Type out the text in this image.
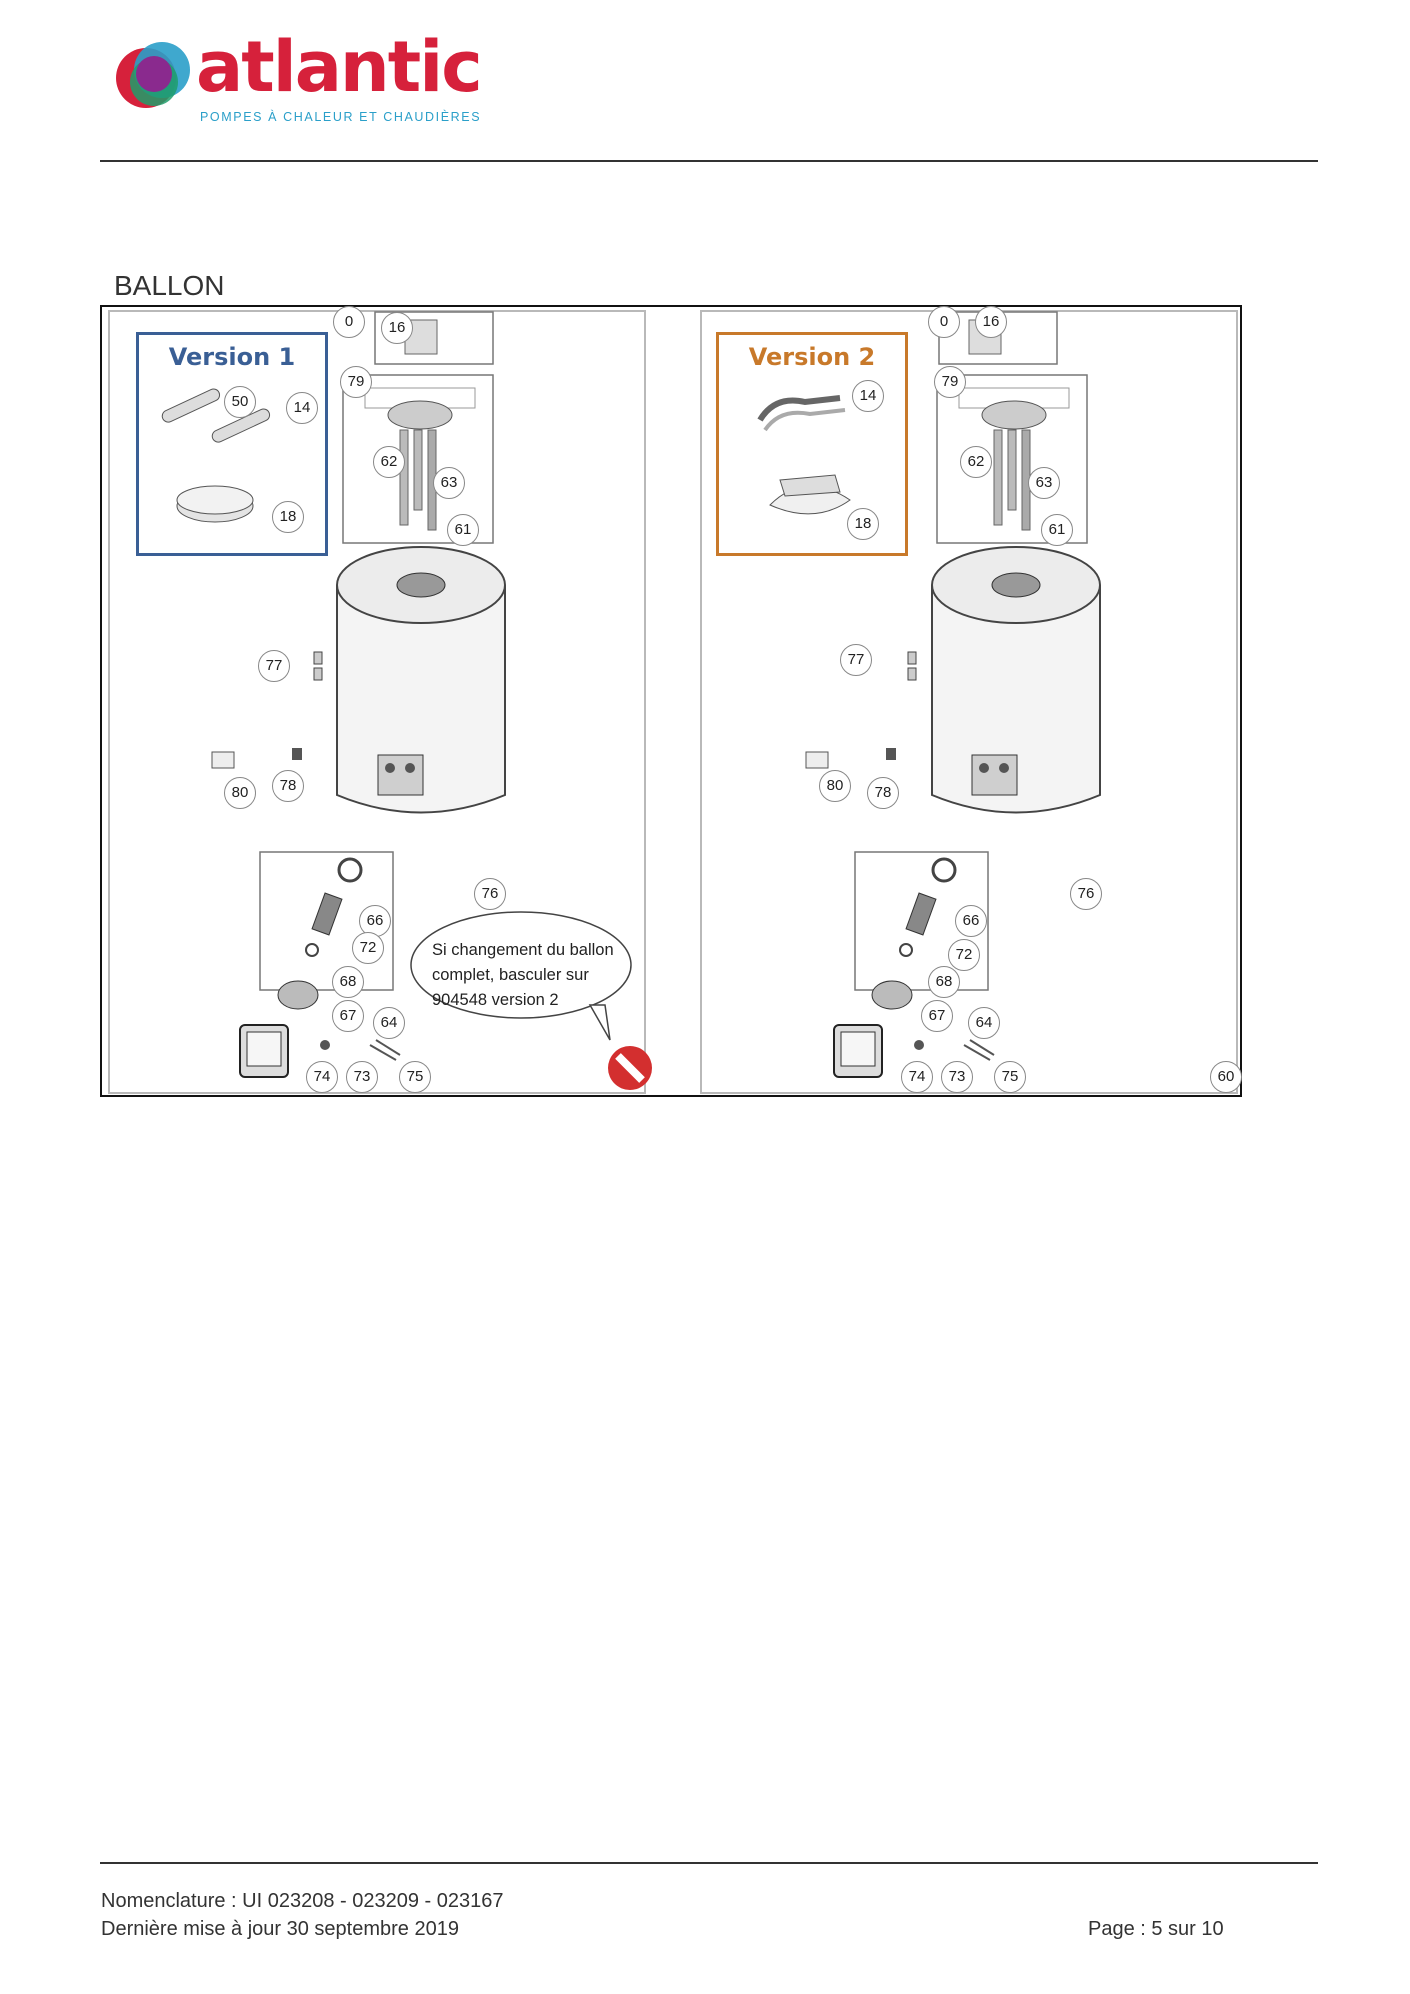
atlantic
POMPES À CHALEUR ET CHAUDIÈRES
BALLON
Version 1	Version 2
0	16
79
62
63
61
50	14
18
77
80	78
76
66
72
68
67	64
74	73	75
0	16
79
62
63
61
14
18
77
80	78
76
66
72
68
67	64
74	73	75	60
Si changement du ballon
complet, basculer sur
904548 version 2
Nomenclature : UI 023208 - 023209 - 023167
Dernière mise à jour 30 septembre 2019	Page : 5 sur 10
